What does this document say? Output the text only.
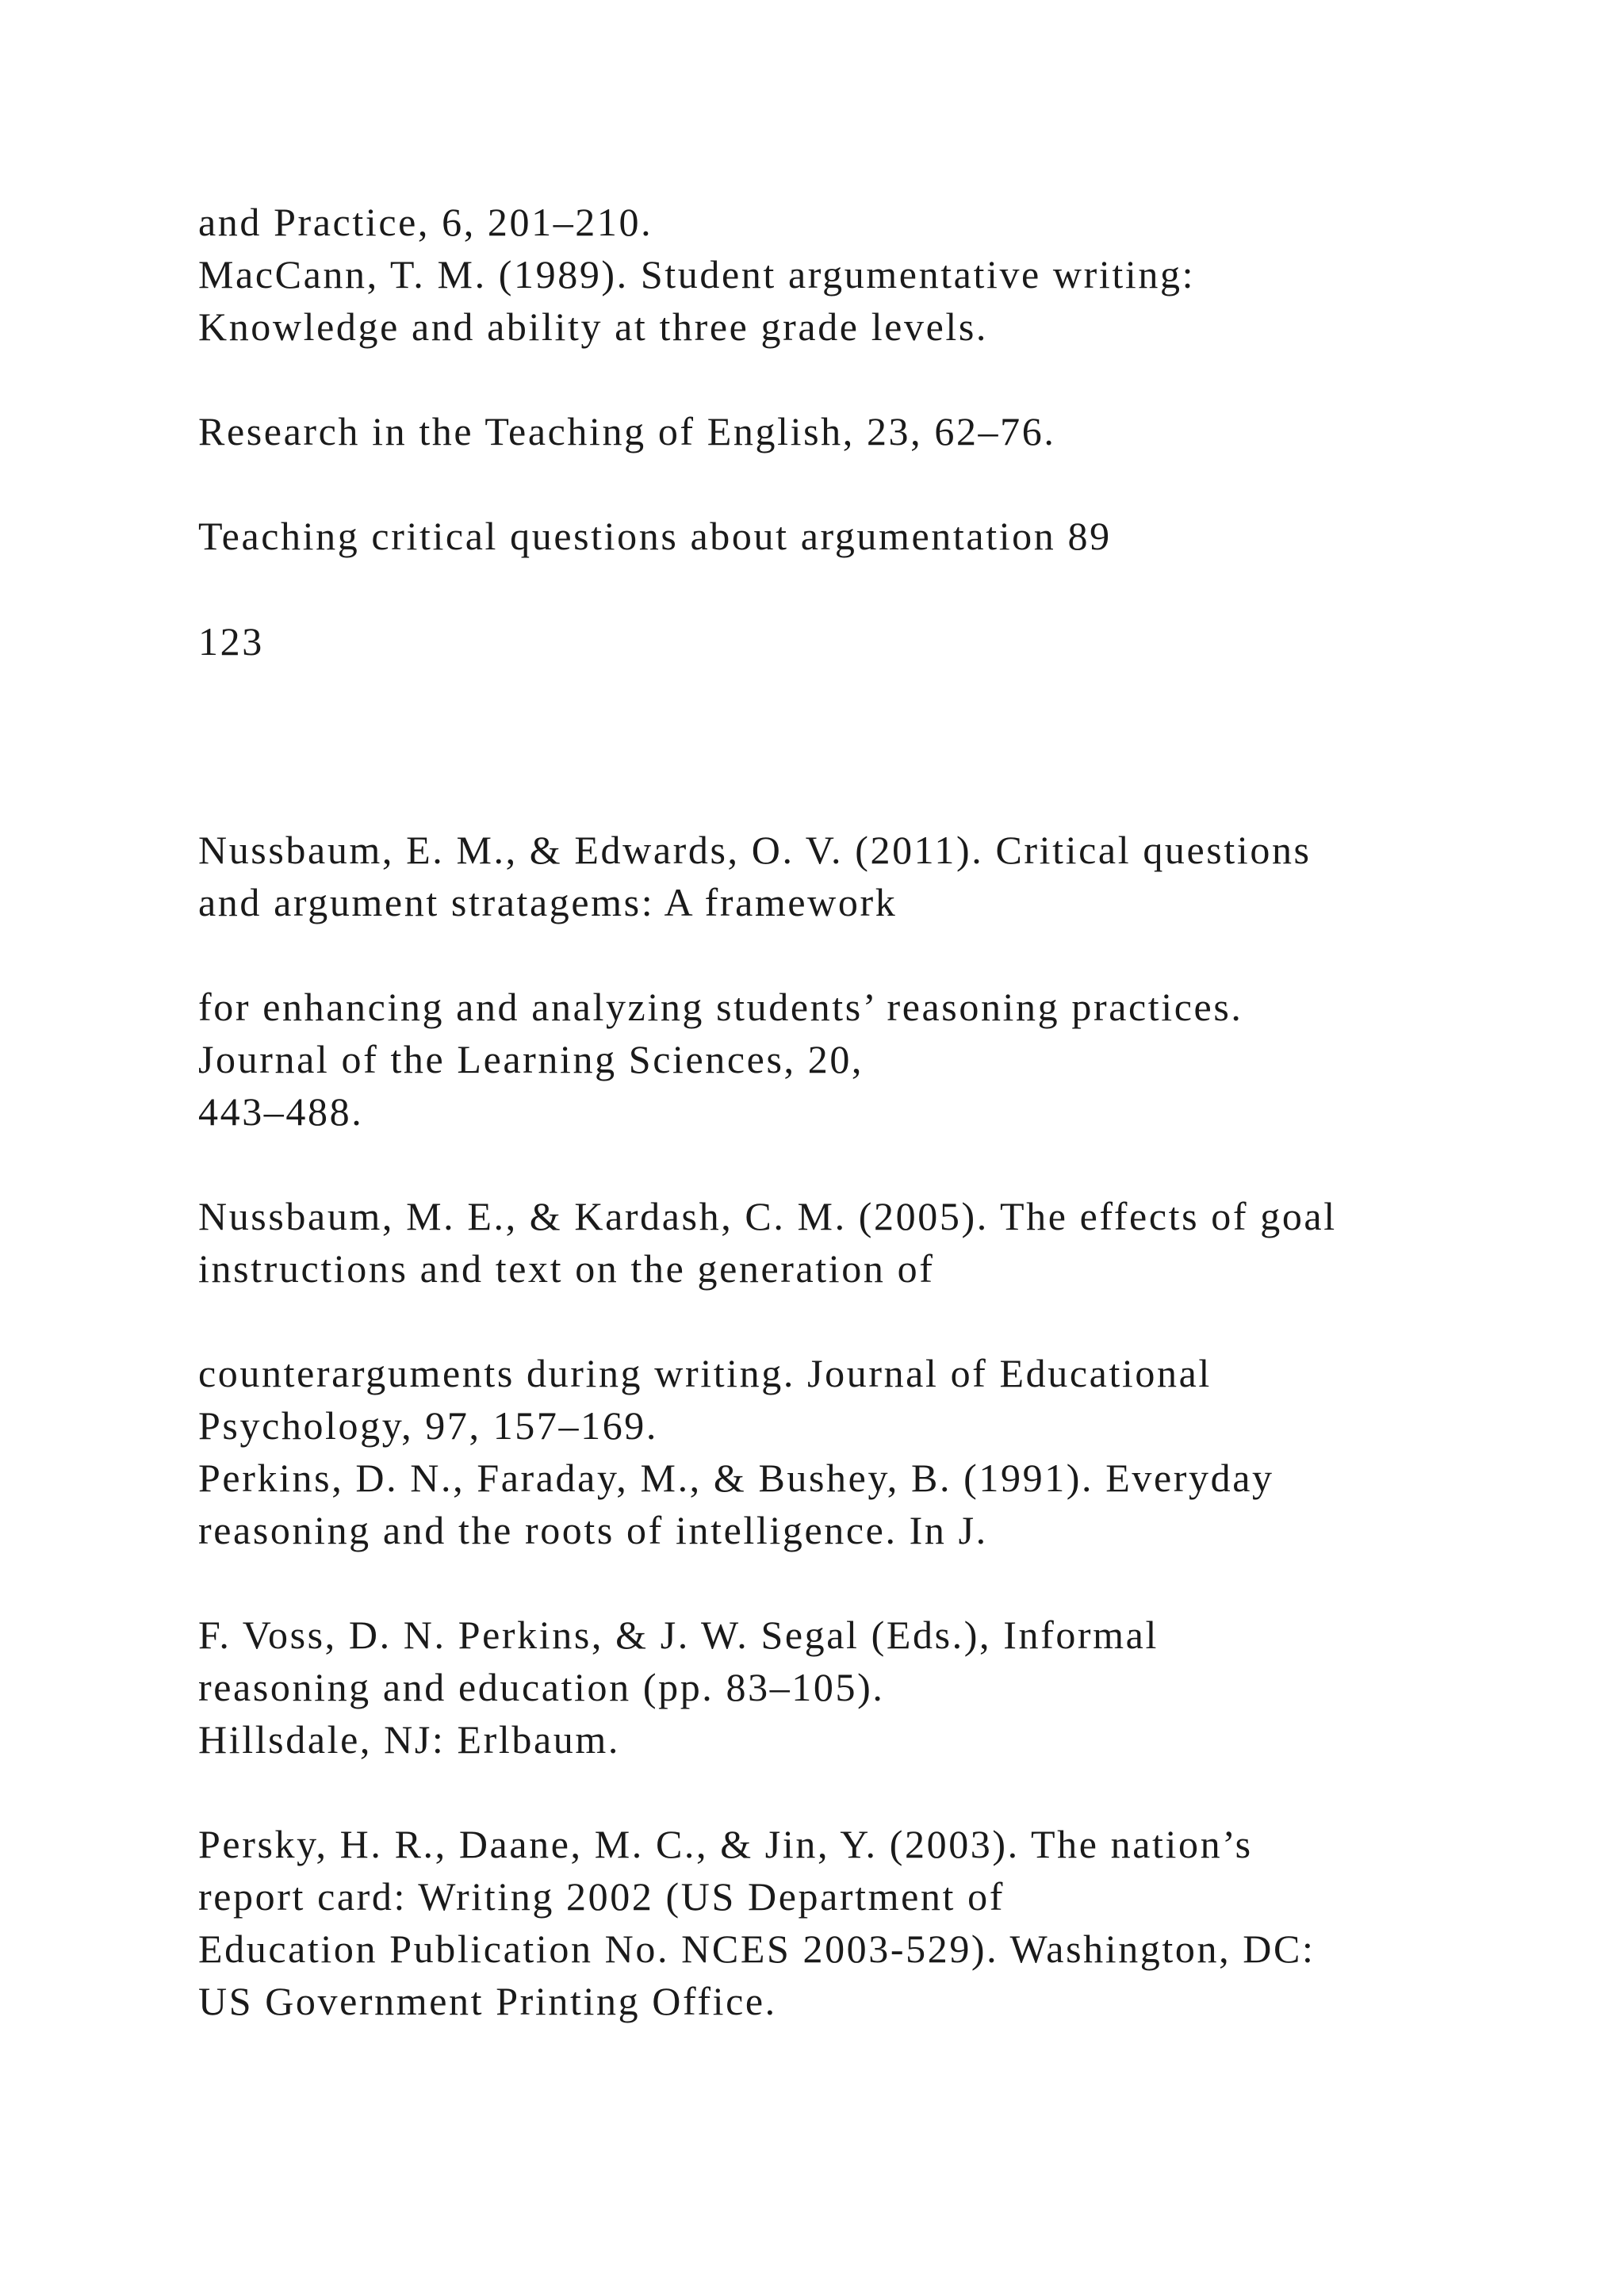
and Practice, 6, 201–210.

MacCann, T. M. (1989). Student argumentative writing:

Knowledge and ability at three grade levels.

Research in the Teaching of English, 23, 62–76.

Teaching critical questions about argumentation 89

123

Nussbaum, E. M., & Edwards, O. V. (2011). Critical questions

and argument stratagems: A framework

for enhancing and analyzing students’ reasoning practices.

Journal of the Learning Sciences, 20,

443–488.

Nussbaum, M. E., & Kardash, C. M. (2005). The effects of goal

instructions and text on the generation of

counterarguments during writing. Journal of Educational

Psychology, 97, 157–169.

Perkins, D. N., Faraday, M., & Bushey, B. (1991). Everyday

reasoning and the roots of intelligence. In J.

F. Voss, D. N. Perkins, & J. W. Segal (Eds.), Informal

reasoning and education (pp. 83–105).

Hillsdale, NJ: Erlbaum.

Persky, H. R., Daane, M. C., & Jin, Y. (2003). The nation’s

report card: Writing 2002 (US Department of

Education Publication No. NCES 2003-529). Washington, DC:

US Government Printing Office.
